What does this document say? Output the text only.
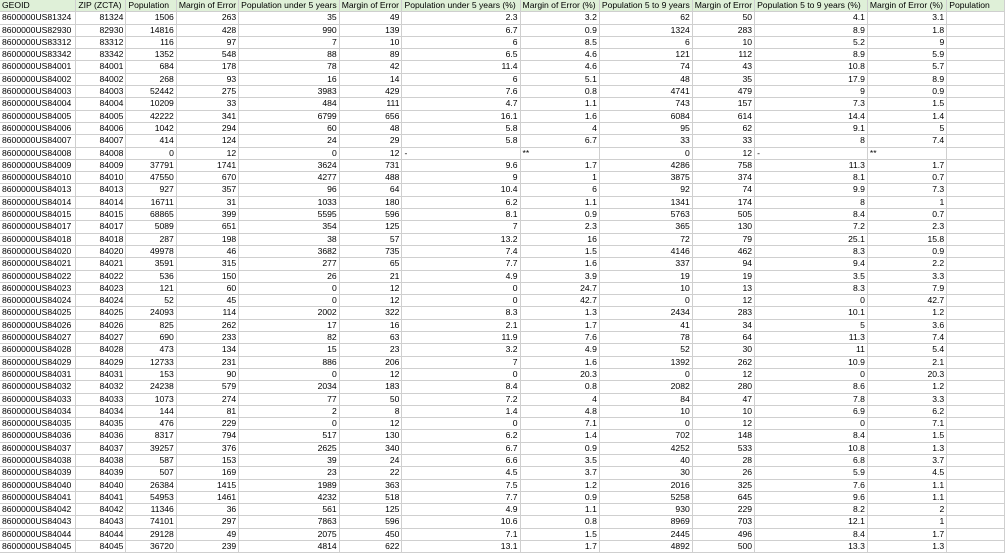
GEOID	ZIP (ZCTA)	Population	Margin of Error	Population under 5 years	Margin of Error	Population under 5 years (%)	Margin of Error (%)	Population 5 to 9 years	Margin of Error	Population 5 to 9 years (%)	Margin of Error (%)	Population
8600000US81324	81324	1506	263	35	49	2.3	3.2	62	50	4.1	3.1	
8600000US82930	82930	14816	428	990	139	6.7	0.9	1324	283	8.9	1.8	
8600000US83312	83312	116	97	7	10	6	8.5	6	10	5.2	9	
8600000US83342	83342	1352	548	88	89	6.5	4.6	121	112	8.9	5.9	
8600000US84001	84001	684	178	78	42	11.4	4.6	74	43	10.8	5.7	
8600000US84002	84002	268	93	16	14	6	5.1	48	35	17.9	8.9	
8600000US84003	84003	52442	275	3983	429	7.6	0.8	4741	479	9	0.9	
8600000US84004	84004	10209	33	484	111	4.7	1.1	743	157	7.3	1.5	
8600000US84005	84005	42222	341	6799	656	16.1	1.6	6084	614	14.4	1.4	
8600000US84006	84006	1042	294	60	48	5.8	4	95	62	9.1	5	
8600000US84007	84007	414	124	24	29	5.8	6.7	33	33	8	7.4	
8600000US84008	84008	0	12	0	12	-	**	0	12	-	**	
8600000US84009	84009	37791	1741	3624	731	9.6	1.7	4286	758	11.3	1.7	
8600000US84010	84010	47550	670	4277	488	9	1	3875	374	8.1	0.7	
8600000US84013	84013	927	357	96	64	10.4	6	92	74	9.9	7.3	
8600000US84014	84014	16711	31	1033	180	6.2	1.1	1341	174	8	1	
8600000US84015	84015	68865	399	5595	596	8.1	0.9	5763	505	8.4	0.7	
8600000US84017	84017	5089	651	354	125	7	2.3	365	130	7.2	2.3	
8600000US84018	84018	287	198	38	57	13.2	16	72	79	25.1	15.8	
8600000US84020	84020	49978	46	3682	735	7.4	1.5	4146	462	8.3	0.9	
8600000US84021	84021	3591	315	277	65	7.7	1.6	337	94	9.4	2.2	
8600000US84022	84022	536	150	26	21	4.9	3.9	19	19	3.5	3.3	
8600000US84023	84023	121	60	0	12	0	24.7	10	13	8.3	7.9	
8600000US84024	84024	52	45	0	12	0	42.7	0	12	0	42.7	
8600000US84025	84025	24093	114	2002	322	8.3	1.3	2434	283	10.1	1.2	
8600000US84026	84026	825	262	17	16	2.1	1.7	41	34	5	3.6	
8600000US84027	84027	690	233	82	63	11.9	7.6	78	64	11.3	7.4	
8600000US84028	84028	473	134	15	23	3.2	4.9	52	30	11	5.4	
8600000US84029	84029	12733	231	886	206	7	1.6	1392	262	10.9	2.1	
8600000US84031	84031	153	90	0	12	0	20.3	0	12	0	20.3	
8600000US84032	84032	24238	579	2034	183	8.4	0.8	2082	280	8.6	1.2	
8600000US84033	84033	1073	274	77	50	7.2	4	84	47	7.8	3.3	
8600000US84034	84034	144	81	2	8	1.4	4.8	10	10	6.9	6.2	
8600000US84035	84035	476	229	0	12	0	7.1	0	12	0	7.1	
8600000US84036	84036	8317	794	517	130	6.2	1.4	702	148	8.4	1.5	
8600000US84037	84037	39257	376	2625	340	6.7	0.9	4252	533	10.8	1.3	
8600000US84038	84038	587	153	39	24	6.6	3.5	40	28	6.8	3.7	
8600000US84039	84039	507	169	23	22	4.5	3.7	30	26	5.9	4.5	
8600000US84040	84040	26384	1415	1989	363	7.5	1.2	2016	325	7.6	1.1	
8600000US84041	84041	54953	1461	4232	518	7.7	0.9	5258	645	9.6	1.1	
8600000US84042	84042	11346	36	561	125	4.9	1.1	930	229	8.2	2	
8600000US84043	84043	74101	297	7863	596	10.6	0.8	8969	703	12.1	1	
8600000US84044	84044	29128	49	2075	450	7.1	1.5	2445	496	8.4	1.7	
8600000US84045	84045	36720	239	4814	622	13.1	1.7	4892	500	13.3	1.3	
